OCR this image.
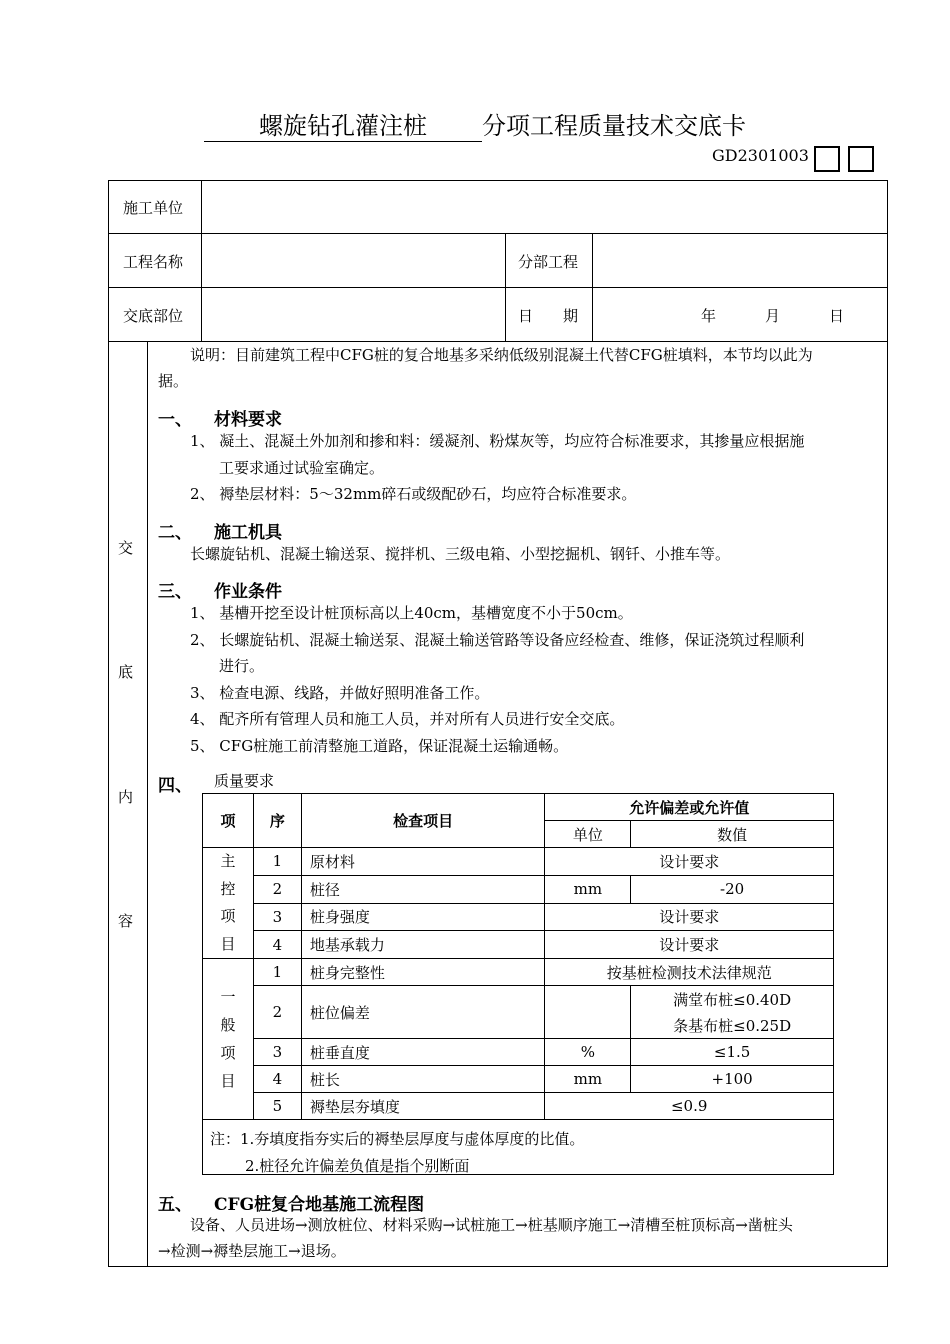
螺旋钻孔灌注桩 分项工程质量技术交底卡
GD2301003
施工单位
工程名称	分部工程
交底部位	日　　期	年	月	日
交
底
内
容
说明：目前建筑工程中CFG桩的复合地基多采纳低级别混凝土代替CFG桩填料，本节均以此为
据。
一、 材料要求
1、 凝土、混凝土外加剂和掺和料：缓凝剂、粉煤灰等，均应符合标准要求，其掺量应根据施
工要求通过试验室确定。
2、 褥垫层材料：5～32mm碎石或级配砂石，均应符合标准要求。
二、 施工机具
长螺旋钻机、混凝土输送泵、搅拌机、三级电箱、小型挖掘机、钢钎、小推车等。
三、 作业条件
1、 基槽开挖至设计桩顶标高以上40cm，基槽宽度不小于50cm。
2、 长螺旋钻机、混凝土输送泵、混凝土输送管路等设备应经检查、维修，保证浇筑过程顺利
进行。
3、 检查电源、线路，并做好照明准备工作。
4、 配齐所有管理人员和施工人员，并对所有人员进行安全交底。
5、 CFG桩施工前清整施工道路，保证混凝土运输通畅。
四、 质量要求
项	序	检查项目	允许偏差或允许值	
			单位	数值
主
控
项
目	1	原材料	设计要求	
	2	桩径	mm	-20
	3	桩身强度	设计要求	
	4	地基承载力	设计要求	
一
般
项
目	1	桩身完整性	按基桩检测技术法律规范	
	2	桩位偏差		满堂布桩≤0.40D
				条基布桩≤0.25D
	3	桩垂直度	%	≤1.5
	4	桩长	mm	+100
	5	褥垫层夯填度	≤0.9	

注：1.夯填度指夯实后的褥垫层厚度与虚体厚度的比值。
2.桩径允许偏差负值是指个别断面
五、 CFG桩复合地基施工流程图
设备、人员进场→测放桩位、材料采购→试桩施工→桩基顺序施工→清槽至桩顶标高→凿桩头
→检测→褥垫层施工→退场。
